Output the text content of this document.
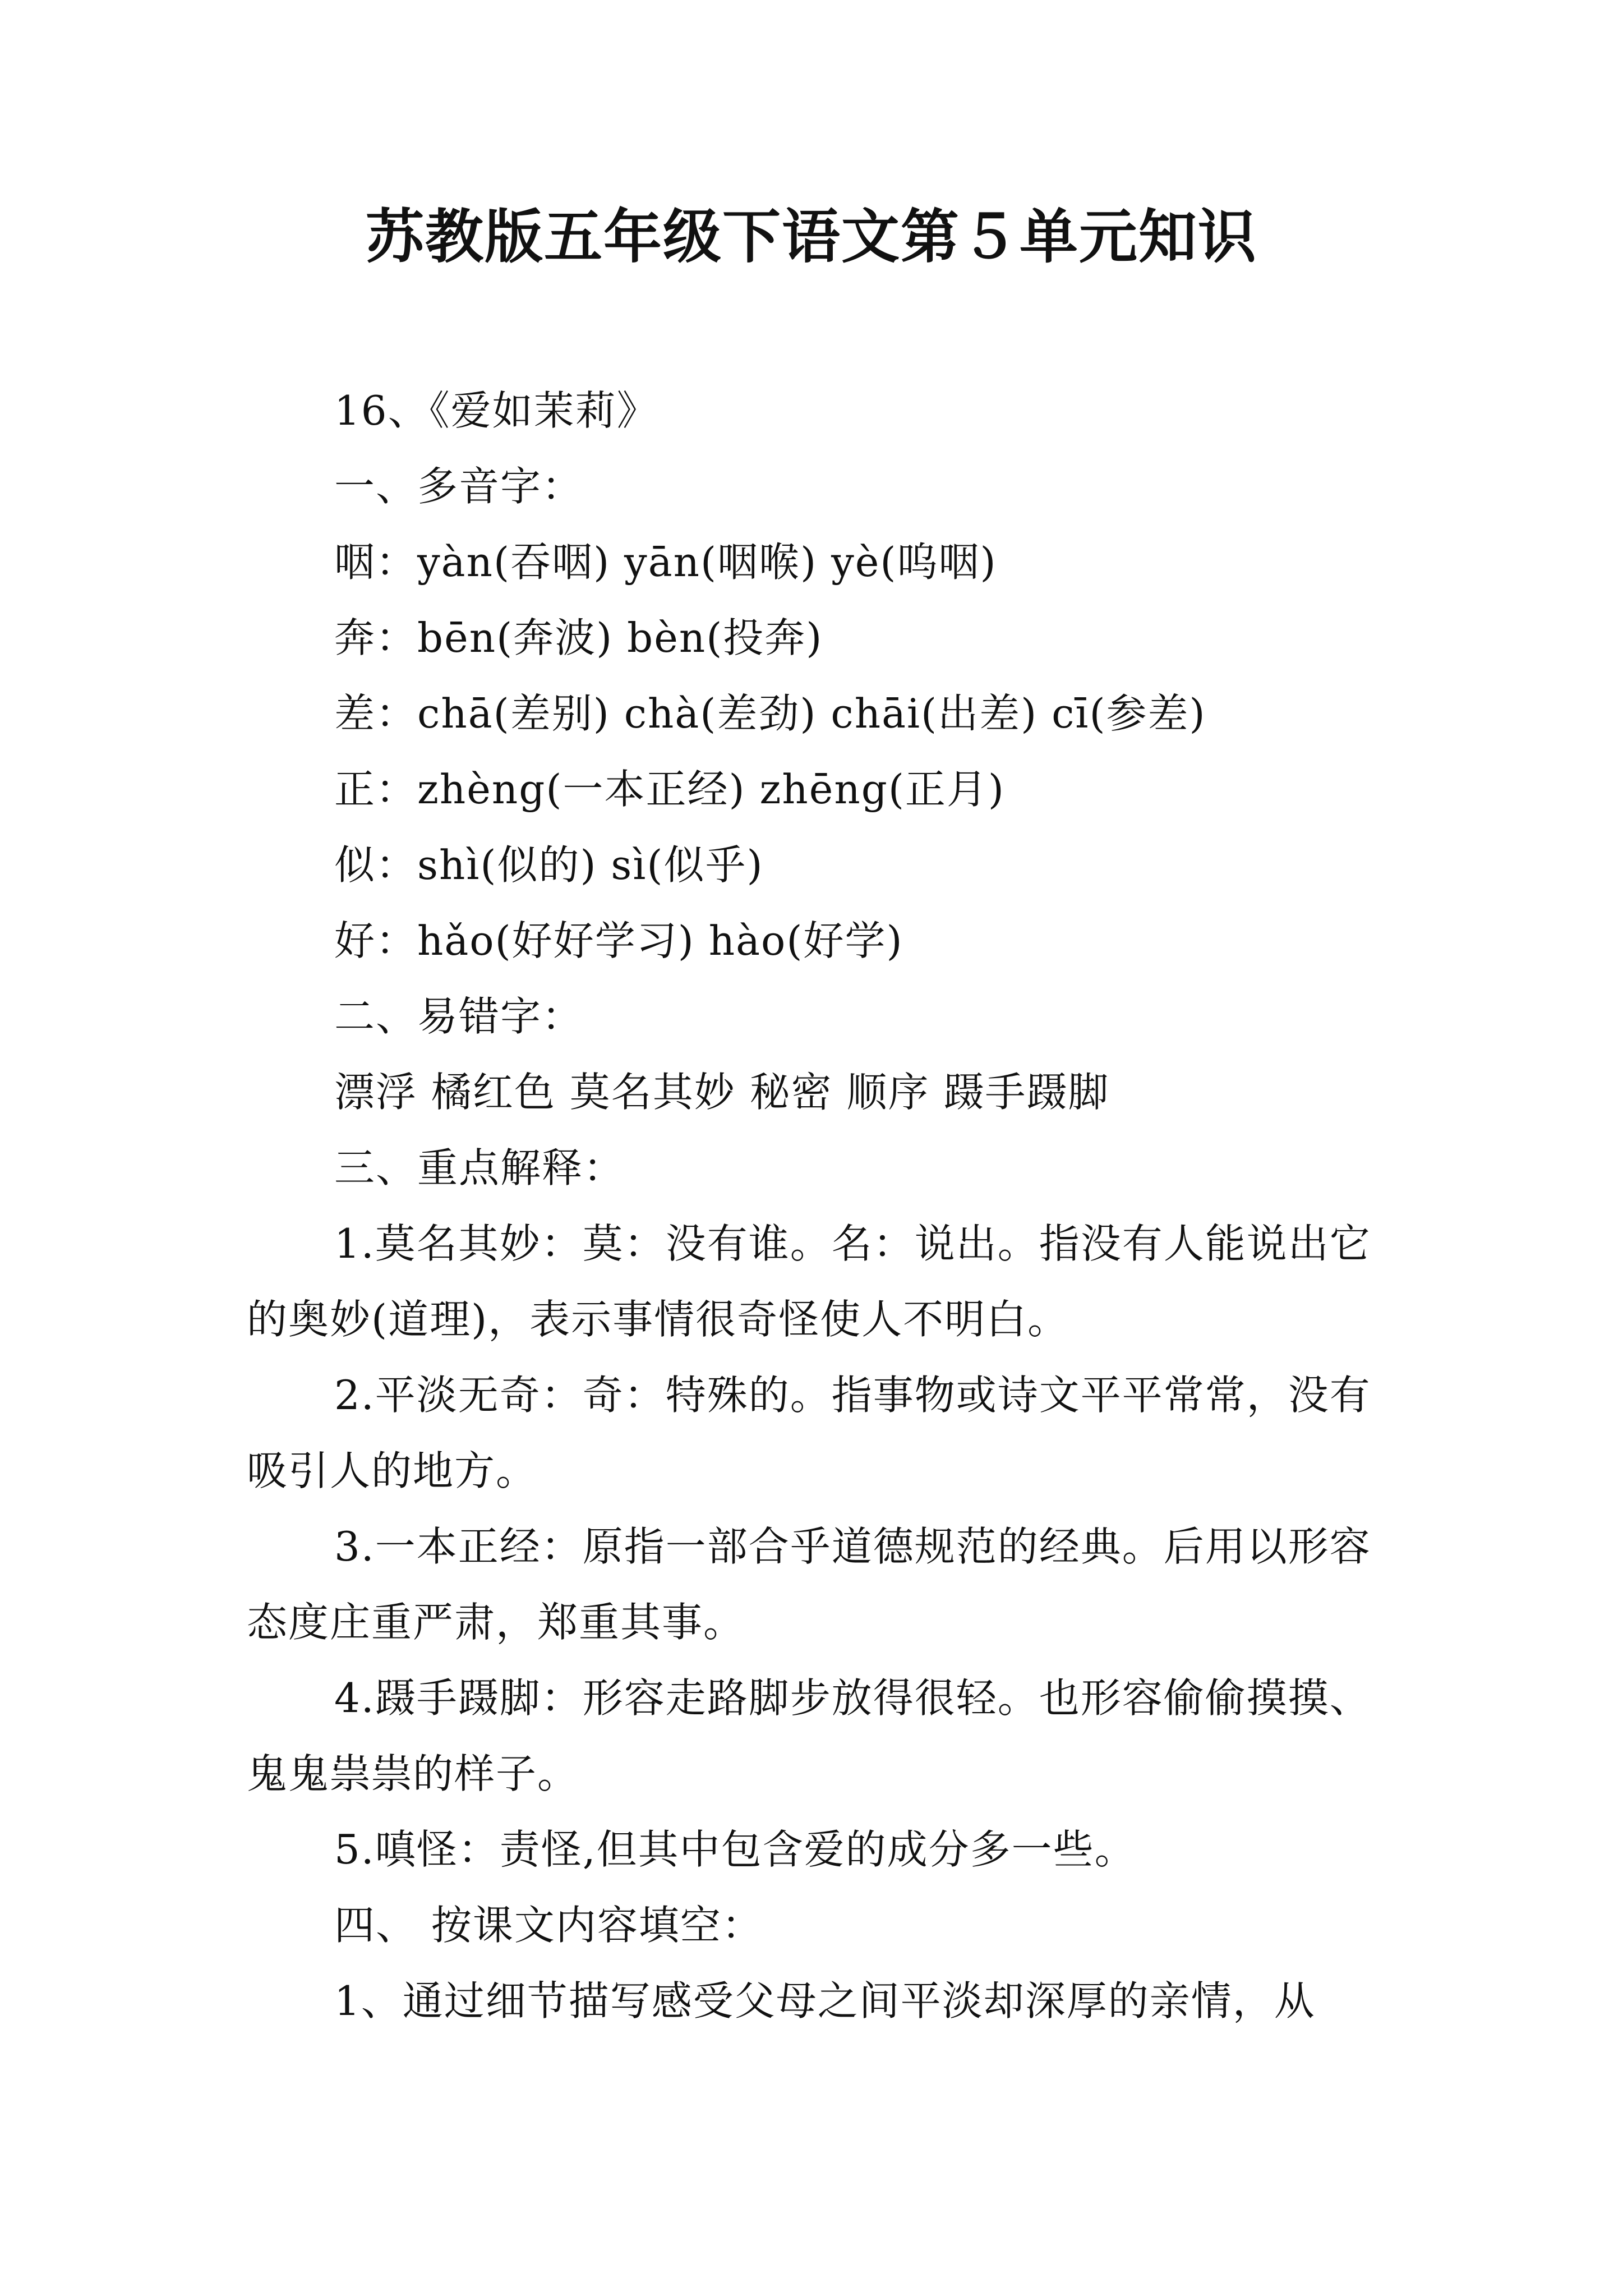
苏教版五年级下语文第５单元知识
16、《爱如茉莉》
一、多音字：
咽：yàn(吞咽) yān(咽喉) yè(呜咽)
奔：bēn(奔波) bèn(投奔)
差：chā(差别) chà(差劲) chāi(出差) cī(参差)
正：zhèng(一本正经) zhēng(正月)
似：shì(似的) sì(似乎)
好：hǎo(好好学习) hào(好学)
二、易错字：
漂浮 橘红色 莫名其妙 秘密 顺序 蹑手蹑脚
三、重点解释：
1.莫名其妙：莫：没有谁。名：说出。指没有人能说出它的奥妙(道理)，表示事情很奇怪使人不明白。
2.平淡无奇：奇：特殊的。指事物或诗文平平常常，没有吸引人的地方。
3.一本正经：原指一部合乎道德规范的经典。后用以形容态度庄重严肃，郑重其事。
4.蹑手蹑脚：形容走路脚步放得很轻。也形容偷偷摸摸、鬼鬼祟祟的样子。
5.嗔怪：责怪,但其中包含爱的成分多一些。
四、 按课文内容填空：
1、通过细节描写感受父母之间平淡却深厚的亲情，从
